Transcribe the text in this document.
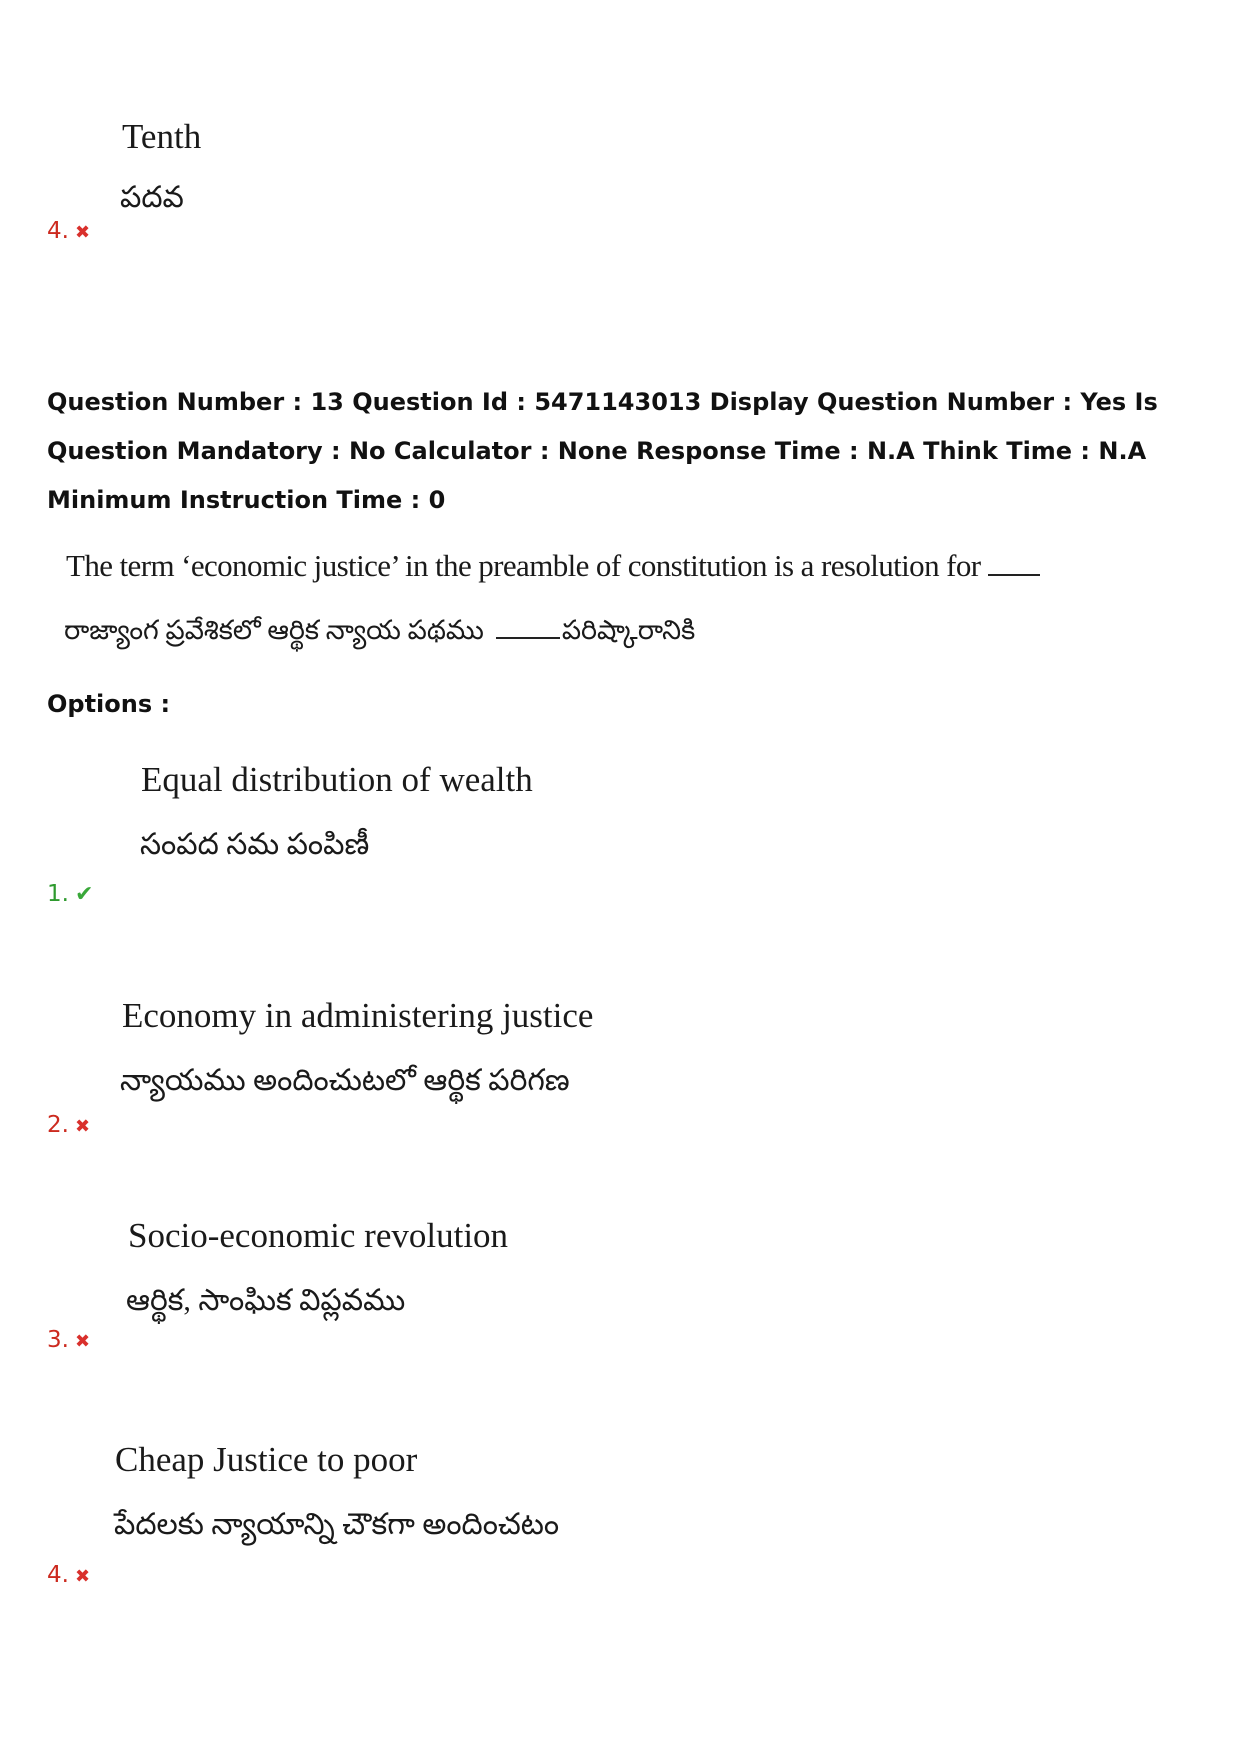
Tenth
పదవ
4. ✖
Question Number : 13 Question Id : 5471143013 Display Question Number : Yes Is Question Mandatory : No Calculator : None Response Time : N.A Think Time : N.A Minimum Instruction Time : 0
The term ‘economic justice’ in the preamble of constitution is a resolution for
రాజ్యాంగ ప్రవేశికలో ఆర్థిక న్యాయ పథము	పరిష్కారానికి
Options :
Equal distribution of wealth
సంపద సమ పంపిణీ
1. ✔
Economy in administering justice
న్యాయము అందించుటలో ఆర్థిక పరిగణ
2. ✖
Socio-economic revolution
ఆర్థిక, సాంఘిక విప్లవము
3. ✖
Cheap Justice to poor
పేదలకు న్యాయాన్ని చౌకగా అందించటం
4. ✖
